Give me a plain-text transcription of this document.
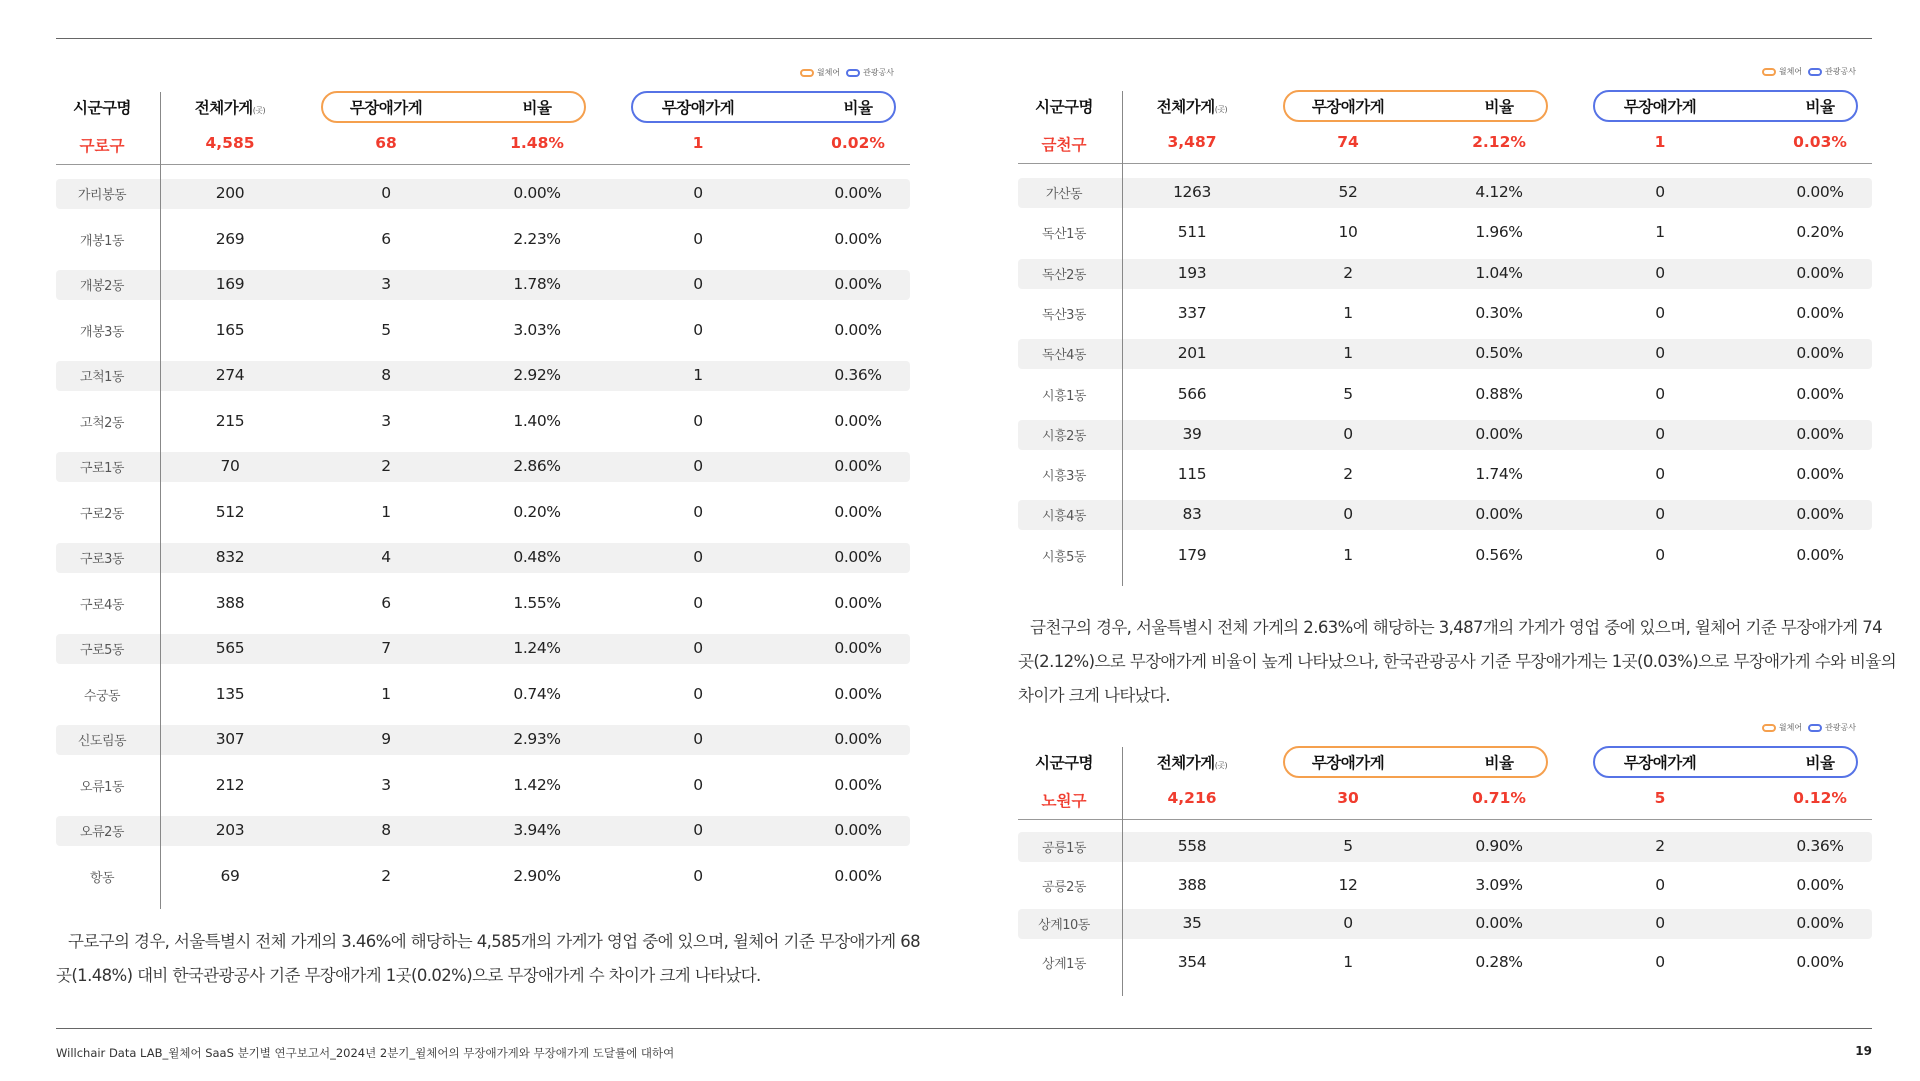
윌체어	관광공사
시군구명	전체가게(곳)	무장애가게	비율	무장애가게	비율
구로구	4,585	68	1.48%	1	0.02%
가리봉동	200	0	0.00%	0	0.00%
개봉1동	269	6	2.23%	0	0.00%
개봉2동	169	3	1.78%	0	0.00%
개봉3동	165	5	3.03%	0	0.00%
고척1동	274	8	2.92%	1	0.36%
고척2동	215	3	1.40%	0	0.00%
구로1동	70	2	2.86%	0	0.00%
구로2동	512	1	0.20%	0	0.00%
구로3동	832	4	0.48%	0	0.00%
구로4동	388	6	1.55%	0	0.00%
구로5동	565	7	1.24%	0	0.00%
수궁동	135	1	0.74%	0	0.00%
신도림동	307	9	2.93%	0	0.00%
오류1동	212	3	1.42%	0	0.00%
오류2동	203	8	3.94%	0	0.00%
항동	69	2	2.90%	0	0.00%
구로구의 경우, 서울특별시 전체 가게의 3.46%에 해당하는 4,585개의 가게가 영업 중에 있으며, 윌체어 기준 무장애가게 68
곳(1.48%) 대비 한국관광공사 기준 무장애가게 1곳(0.02%)으로 무장애가게 수 차이가 크게 나타났다.
윌체어	관광공사
시군구명	전체가게(곳)	무장애가게	비율	무장애가게	비율
금천구	3,487	74	2.12%	1	0.03%
가산동	1263	52	4.12%	0	0.00%
독산1동	511	10	1.96%	1	0.20%
독산2동	193	2	1.04%	0	0.00%
독산3동	337	1	0.30%	0	0.00%
독산4동	201	1	0.50%	0	0.00%
시흥1동	566	5	0.88%	0	0.00%
시흥2동	39	0	0.00%	0	0.00%
시흥3동	115	2	1.74%	0	0.00%
시흥4동	83	0	0.00%	0	0.00%
시흥5동	179	1	0.56%	0	0.00%
금천구의 경우, 서울특별시 전체 가게의 2.63%에 해당하는 3,487개의 가게가 영업 중에 있으며, 윌체어 기준 무장애가게 74
곳(2.12%)으로 무장애가게 비율이 높게 나타났으나, 한국관광공사 기준 무장애가게는 1곳(0.03%)으로 무장애가게 수와 비율의
차이가 크게 나타났다.
윌체어	관광공사
시군구명	전체가게(곳)	무장애가게	비율	무장애가게	비율
노원구	4,216	30	0.71%	5	0.12%
공릉1동	558	5	0.90%	2	0.36%
공릉2동	388	12	3.09%	0	0.00%
상계10동	35	0	0.00%	0	0.00%
상계1동	354	1	0.28%	0	0.00%
Willchair Data LAB_윌체어 SaaS 분기별 연구보고서_2024년 2분기_윌체어의 무장애가게와 무장애가게 도달률에 대하여	19
